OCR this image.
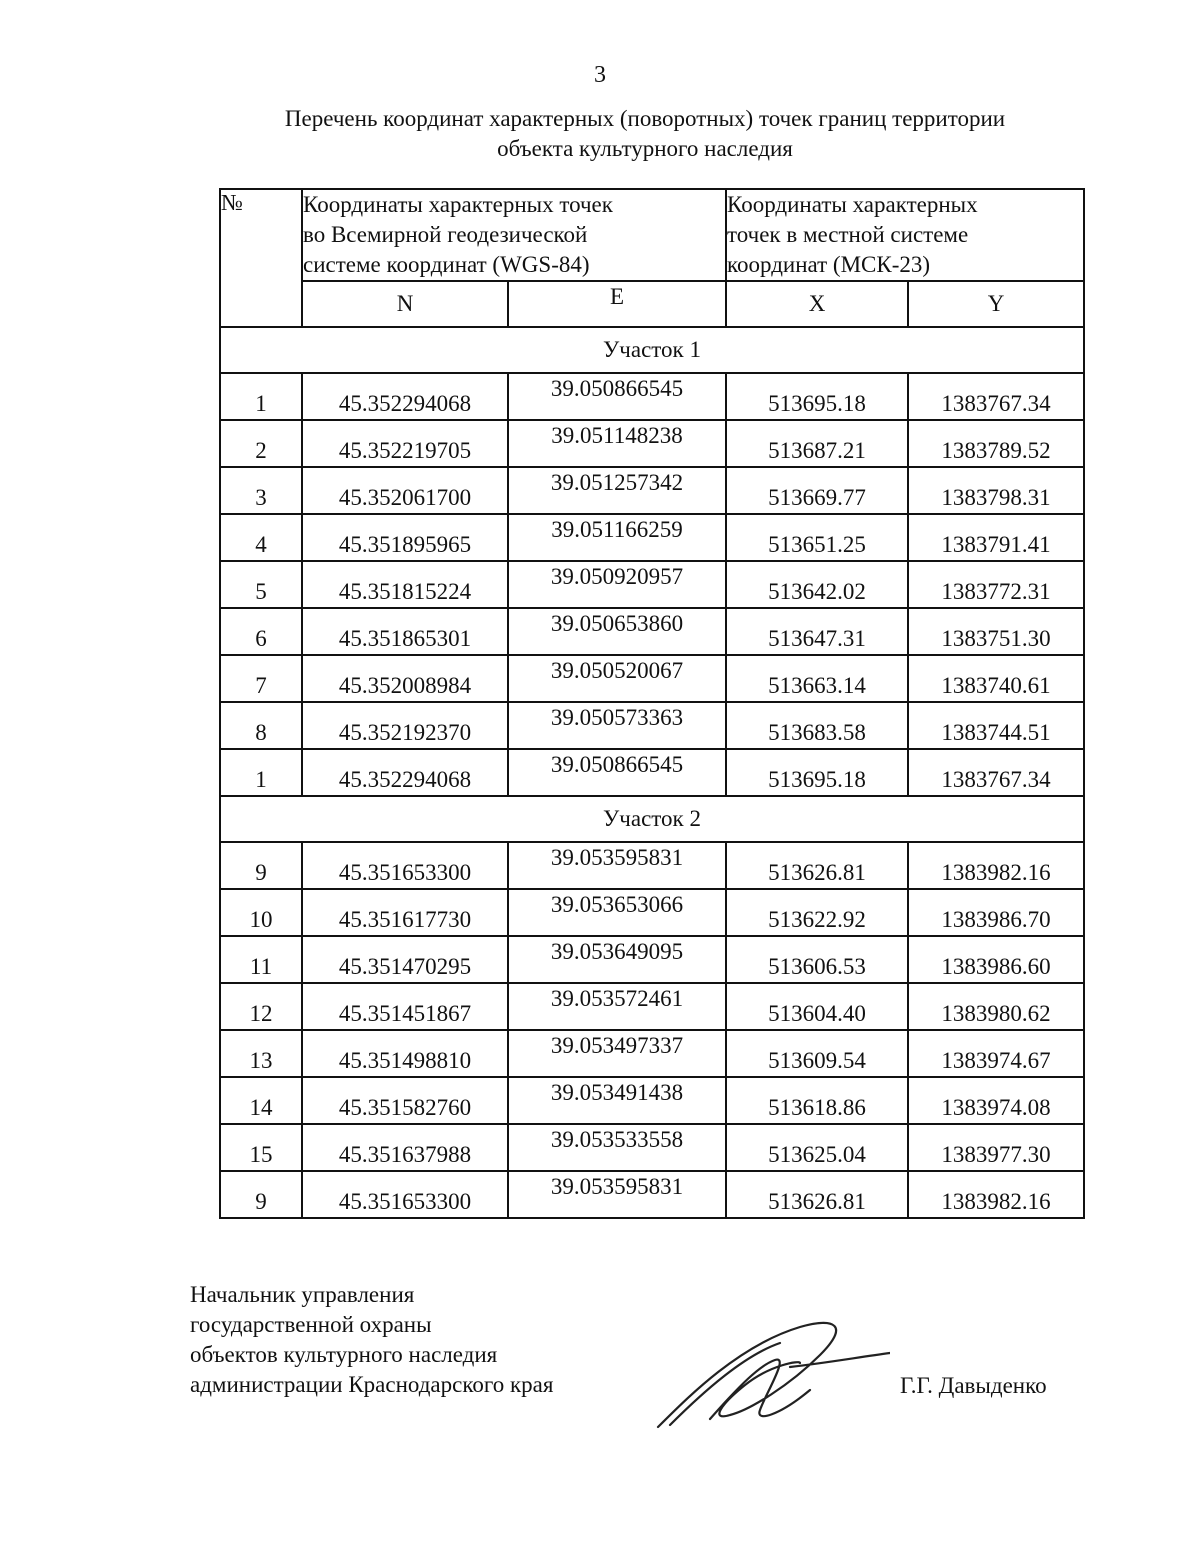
3
Перечень координат характерных (поворотных) точек границ территории
объекта культурного наследия
№	Координаты характерных точек
во Всемирной геодезической
системе координат (WGS-84)		Координаты характерных
точек в местной системе
координат (МСК-23)	

	N	E	X	Y
Участок 1				
1	45.352294068	39.050866545	513695.18	1383767.34
2	45.352219705	39.051148238	513687.21	1383789.52
3	45.352061700	39.051257342	513669.77	1383798.31
4	45.351895965	39.051166259	513651.25	1383791.41
5	45.351815224	39.050920957	513642.02	1383772.31
6	45.351865301	39.050653860	513647.31	1383751.30
7	45.352008984	39.050520067	513663.14	1383740.61
8	45.352192370	39.050573363	513683.58	1383744.51
1	45.352294068	39.050866545	513695.18	1383767.34
Участок 2				
9	45.351653300	39.053595831	513626.81	1383982.16
10	45.351617730	39.053653066	513622.92	1383986.70
11	45.351470295	39.053649095	513606.53	1383986.60
12	45.351451867	39.053572461	513604.40	1383980.62
13	45.351498810	39.053497337	513609.54	1383974.67
14	45.351582760	39.053491438	513618.86	1383974.08
15	45.351637988	39.053533558	513625.04	1383977.30
9	45.351653300	39.053595831	513626.81	1383982.16
Начальник управления
государственной охраны
объектов культурного наследия
администрации Краснодарского края	Г.Г. Давыденко
